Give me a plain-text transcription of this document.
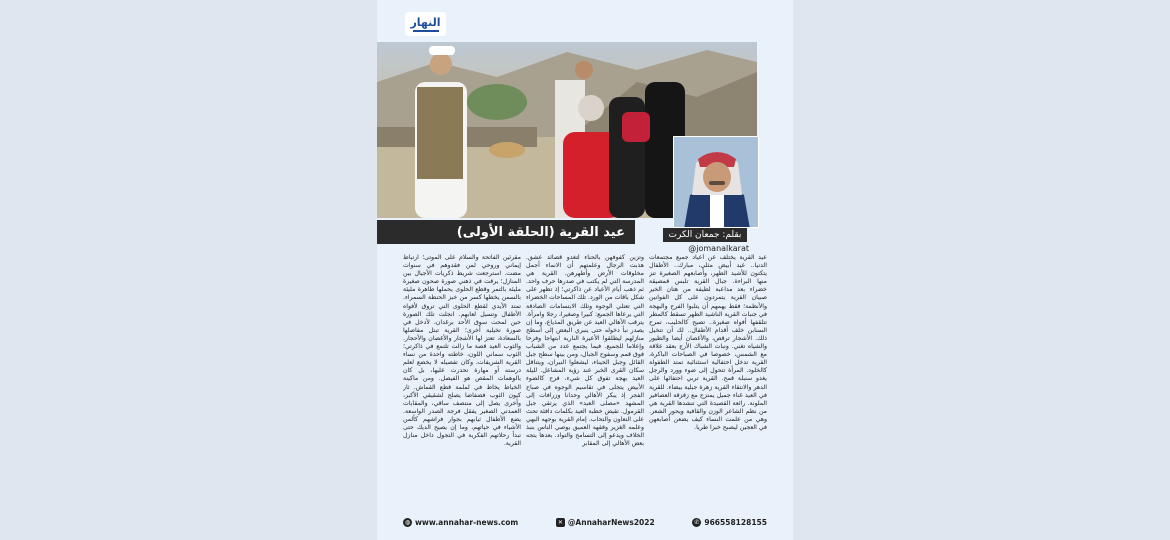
النهار
عيد القرية (الحلقة الأولى)	بقلم: جمعان الكرت
@jomanalkarat

عيد القرية يختلف عن أعياد جميع مجتمعات الدنيا.. عيد أبيض مثلي، مبارك.. الأطفال يتكتون للأشيد الطهر، وأصابعهم الصغيرة تنز منها البراءة. جبال القرية تلبس قمصيقة خضراء بعد مداعبة لطيفة من هتان الخير صبيان القرية يتمردون على كل الفوانين والأنظمة؛ فقط يهمهم أن يتلبوا الفرح والبهجة في جنبات القرية الناشيد الطهر تسقط كالمطر تتلقفها أفواه صغيرة.. تصيح كالحليب، تمرح السنابن خلف أقدام الأطفال.. لك أن تتخيل ذلك. الأشجار ترقص، والأغصان أيضا والطيور والشياه تغني. ونبات الشباك الأرج بعقد علاقة مع الشمس، خصوصا في الصباحات الباكرة، القرية تدخل احتفالية استثنائية تمتد الطفولة كالخلود. المرأة تتحول إلى ضوء وورد والرجل يغدو سنبلة قمح. القرية تربي احتفائها على الدهر والانتقاء القرية زهرة جبلية بيضاء. للقرية في العيد غناء جميل يمتزج مع زقزقة العصافير الملونة. رائعة القصيدة التي تنشدها القرية هي من نظم الشاعر الوزن والقافية ويحور الشعر. وهي من علمت النساء كيف يضعن أصابعهن في العجين ليصبح خبزا طريا.

وتزين كفوفهن بالحناء لتغدو قصائد عشق. هذبت الرجال وعلمتهم أن الانماء أجمل مخلوقات الأرض وأطهرهن. القرية هي المدرسة التي لم يكتب في صدرها حرف واحد. ثم ذهب أيام الأعياد عن ذاكرتي؛ إذ تظهر على شكل باقات من الورد. تلك المساحات الخضراء التي تعتلي الوجوه وتلك الابتسامات الصادقة التي يرعاها الجميع: كبيرا وصغيرا، رجلا وامرأة. يترقب الأهالي العيد عن طريق المذياع، وما إن يصدر نبأ دخوله حتى ينبري البعض إلى أسطح منازلهم ليطلقوا الأعيرة النارية ابتهاجا وفرحا وإعلاما للجميع. فيما يجتمع عدد من الشباب فوق قمم وسفوح الجبال، ومن بينها سطح جبل القائل وجبل الحيناء، ليشعلوا النيران، ويتناقل سكان القرى الخبر عند رؤية المشاعل. لليلة العيد بهجة تفوق كل شيء، فرح كالضوء الأبيض يتجلى في تقاسيم الوجوه في صباح الفجر إذ يبكر الأهالي وحدانا وزرافات إلى المشهد «مصلى العيد» الذي يرتقي جبل القرمول. تقيض خطبة العيد بكلمات دافئة تحث على التعاون والتحاب. إمام القرية بوجهه البهي وعلمه الغزير وفقهه العميق يوصي الناس بنبذ الخلاف ويدعو إلى التسامح والتواد. بعدها يتجه بعض الأهالي إلى المقابر

مقرئين الفاتحة والسلام على الموتى؛ ارتباط إيماني وروحي لمن فقدوهم في سنوات مضت. استرجعت شريط ذكريات الأجيال بين المنازل؛ يرقت في ذهني صورة صحون صغيرة مليئة بالتمر وقطع الحلوى يحملها طاهرة مليئة بالسمن يخطها كسر من خبز الحنطة السمراء. تمتد الأيدي لقطع الحلوى التي تروق لأفواه الأطفال وتسيل لعابهم. انجلت تلك الصورة حين لمحت سوق الأحد برغدان، لأدخل في صورة تخيلية أخرى؛ القرية تبتل مفاصلها بالسعادة، تعتز لها الأشجار والأغصان والأحجار. والثوب العيد قصة ما زالت تلتمع في ذاكرتي؛ الثوب سماني اللون، خاطته واحدة من نساء القرية الشريفات، وكان تفصيله لا يخضع لعلم درسته أو مهارة تحدرت عليها، بل كان بالوهمات المقص هو الفيصل. ومن ماكينة الخياط يخاط في لملمة قطع القماش. ثار كيون الثوب فضفاضا يصلح لشقيقي الأكبر، وأخرى يصل إلى منتصف ساقي، والمقابات العمدتي الصغير يفقل فرجة الصدر الواسعة. يضع الأطفال ثيابهم بجوار فراشهم كألمن الأشياء في حياتهم، وما إن يصيح الديك حتى تبدأ رحلاتهم الفكرية في التجول داخل منازل القرية.

◍ www.annahar-news.com	✕ @AnnaharNews2022	✆ 966558128155
